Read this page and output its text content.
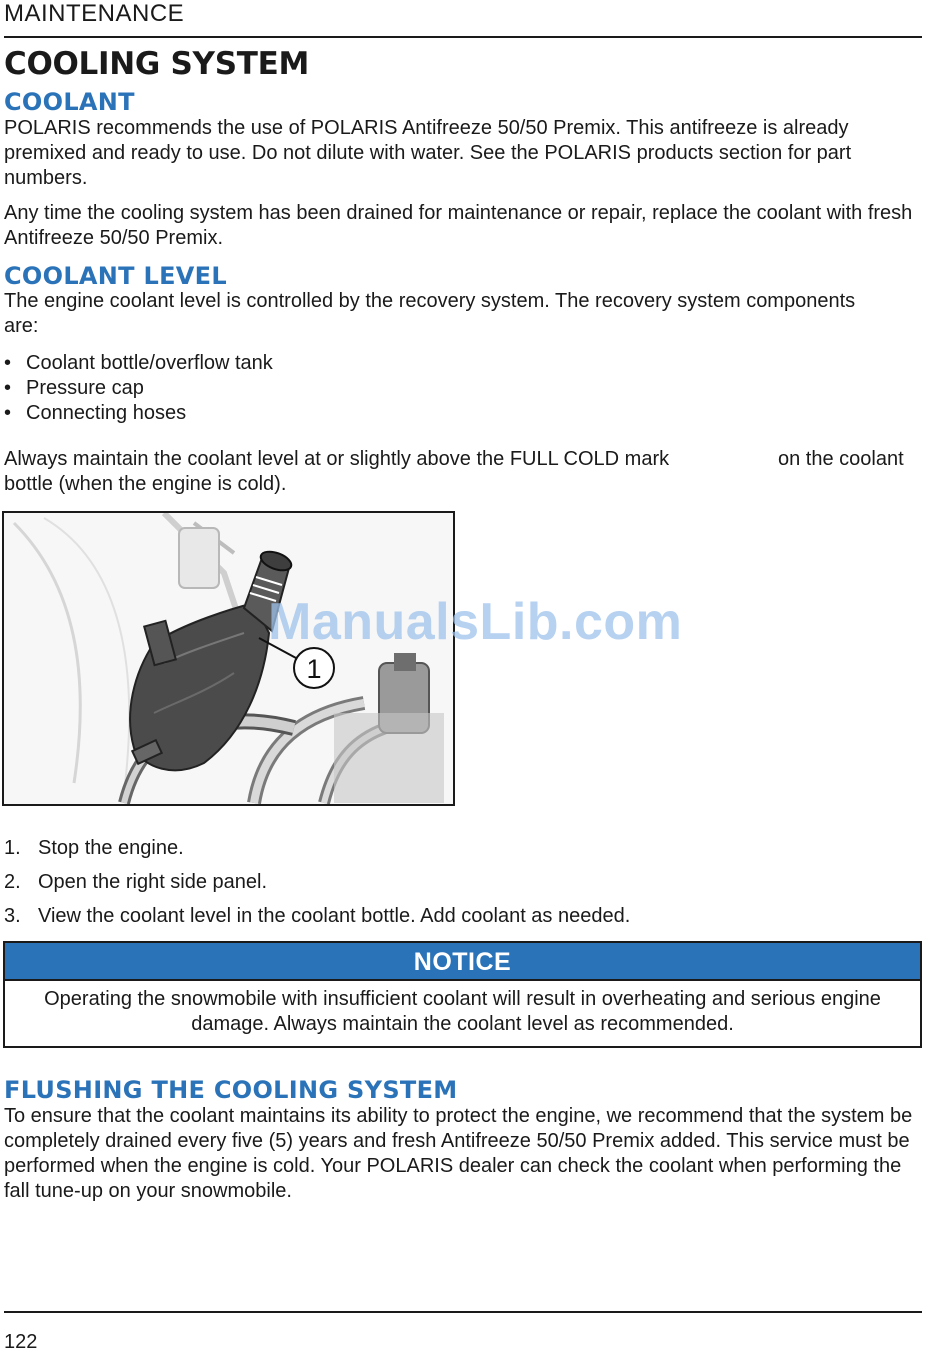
MAINTENANCE
COOLING SYSTEM
COOLANT
POLARIS recommends the use of POLARIS Antifreeze 50/50 Premix. This antifreeze is already premixed and ready to use. Do not dilute with water. See the POLARIS products section for part numbers.
Any time the cooling system has been drained for maintenance or repair, replace the coolant with fresh Antifreeze 50/50 Premix.
COOLANT LEVEL
The engine coolant level is controlled by the recovery system. The recovery system components are:
• Coolant bottle/overflow tank
• Pressure cap
• Connecting hoses
Always maintain the coolant level at or slightly above the FULL COLD mark	on the coolant
bottle (when the engine is cold).
1
ManualsLib.com
1. Stop the engine.
2. Open the right side panel.
3. View the coolant level in the coolant bottle. Add coolant as needed.
NOTICE
Operating the snowmobile with insufficient coolant will result in overheating and serious engine damage. Always maintain the coolant level as recommended.
FLUSHING THE COOLING SYSTEM
To ensure that the coolant maintains its ability to protect the engine, we recommend that the system be completely drained every five (5) years and fresh Antifreeze 50/50 Premix added. This service must be performed when the engine is cold. Your POLARIS dealer can check the coolant when performing the fall tune-up on your snowmobile.
122
